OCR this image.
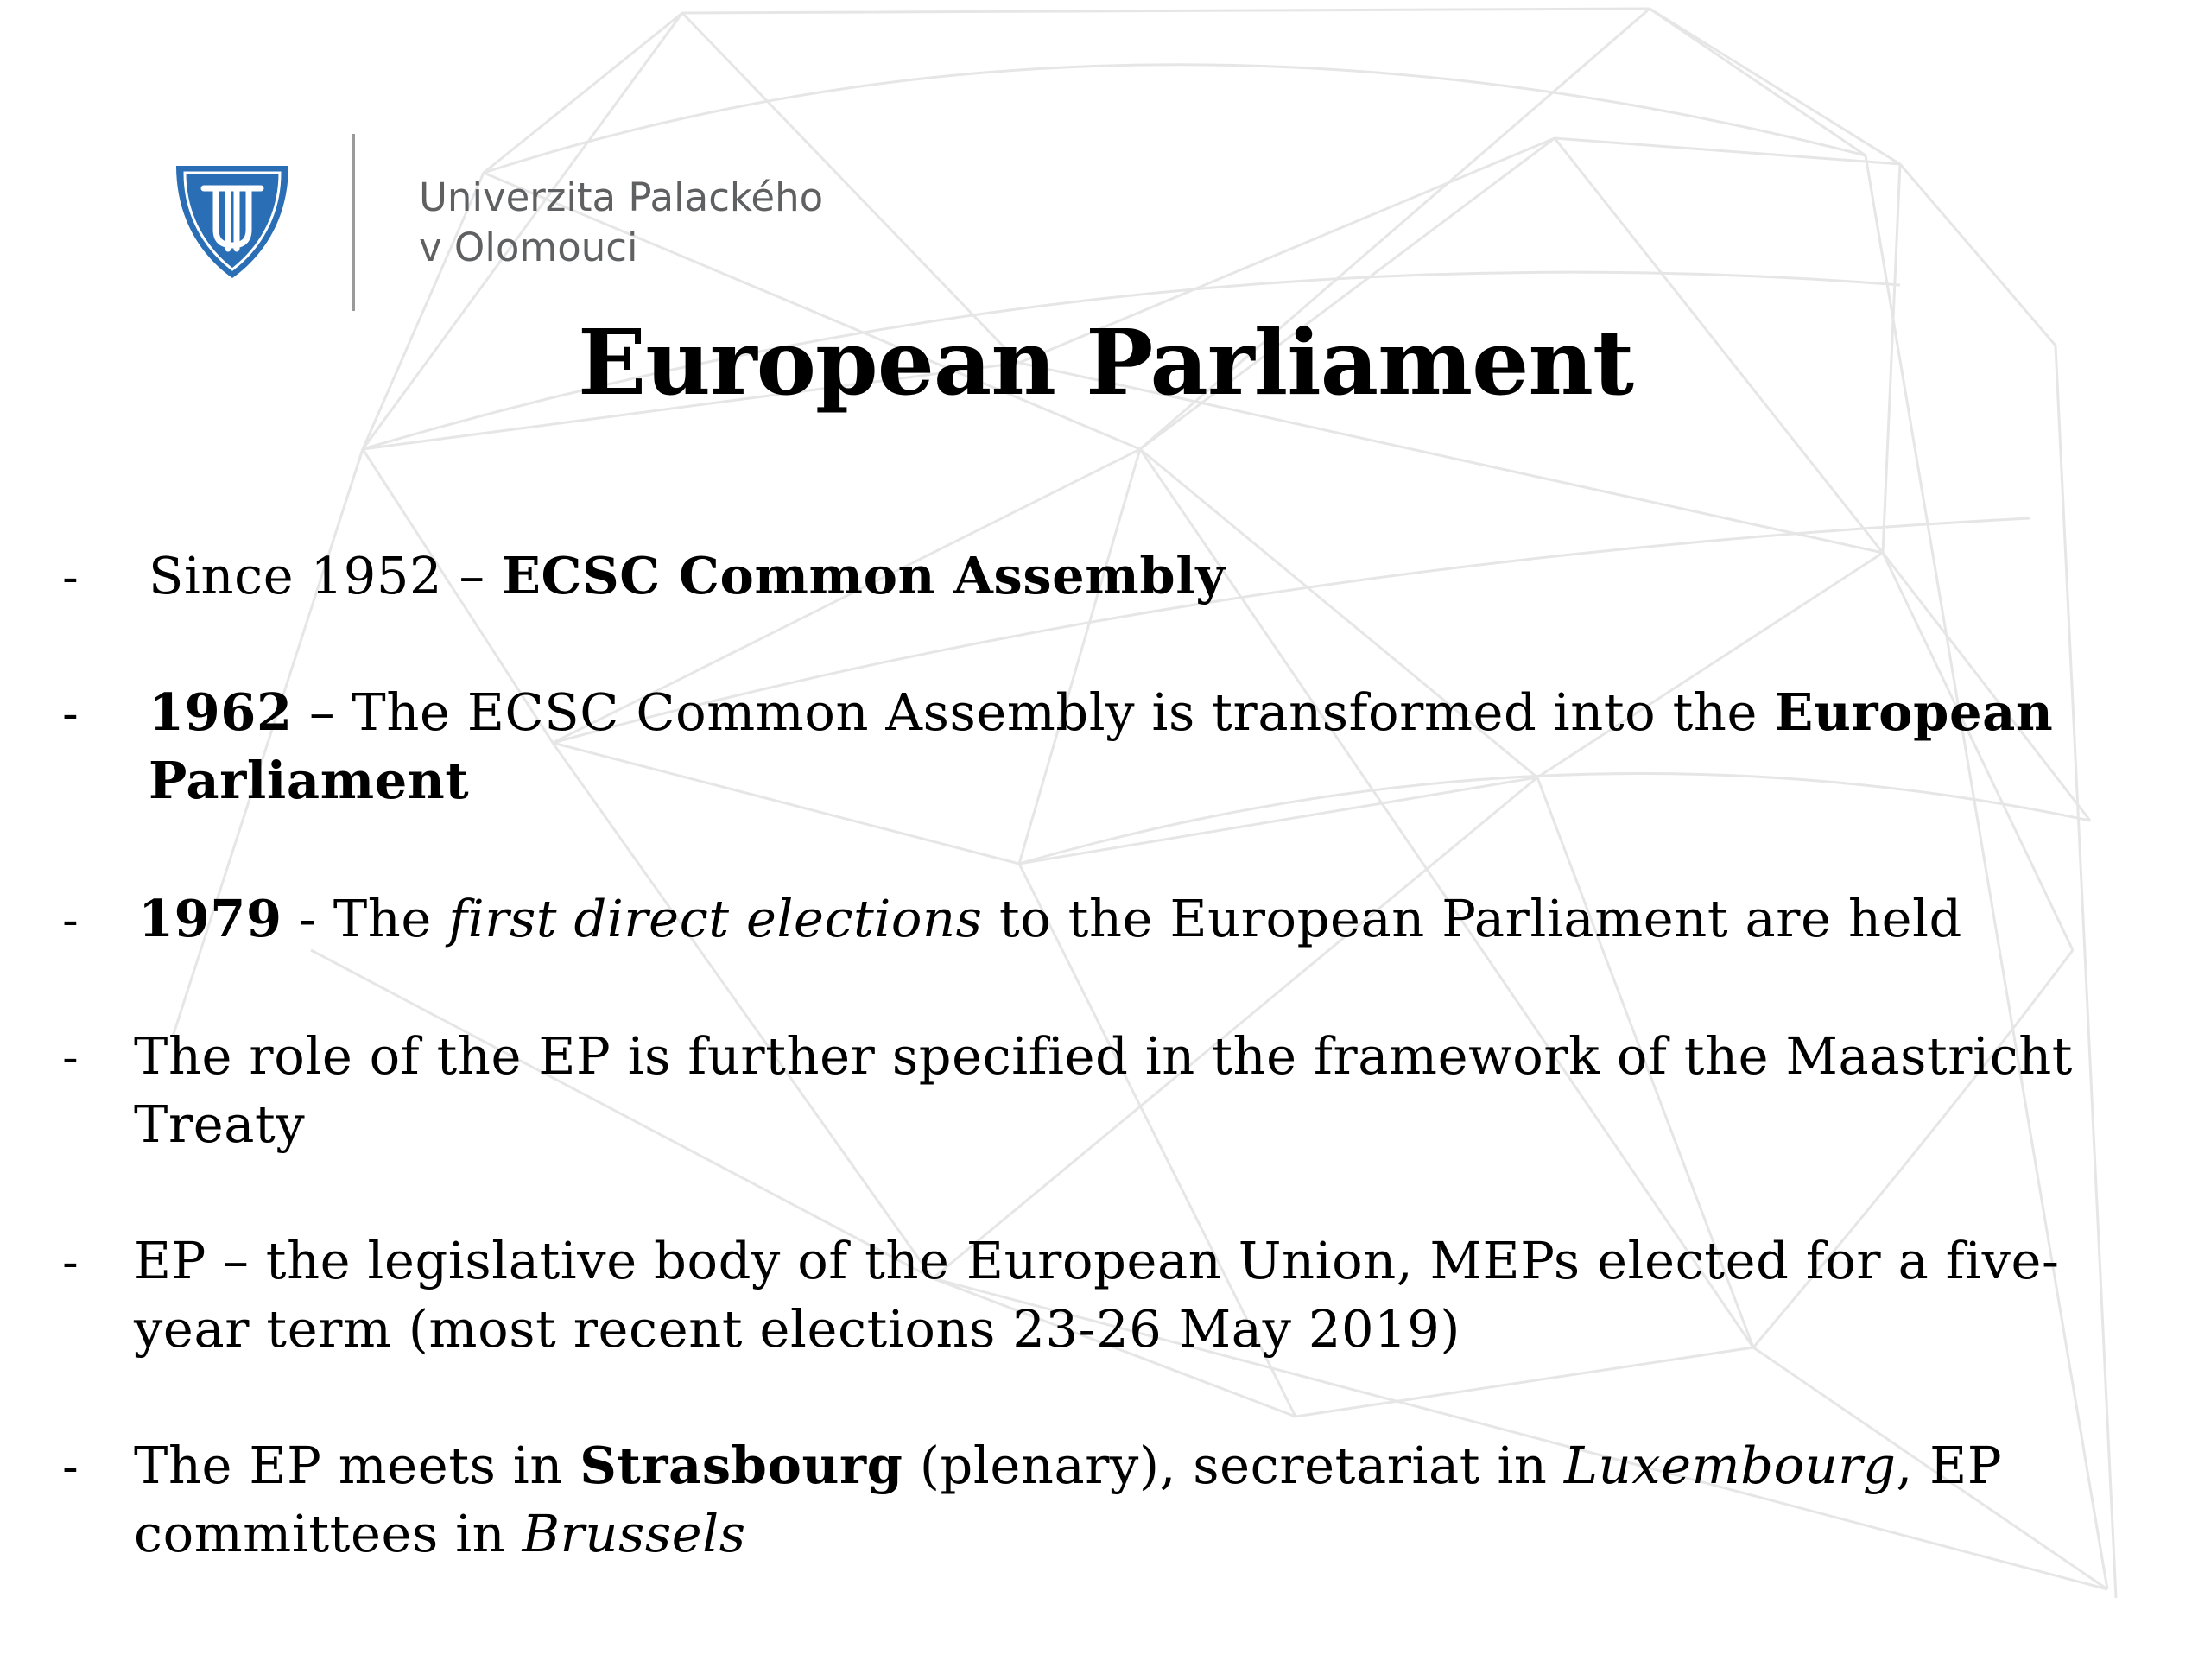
Univerzita Palackého
v Olomouci
European Parliament
- Since 1952 – ECSC Common Assembly
- 1962 – The ECSC Common Assembly is transformed into the European
Parliament
- 1979 - The first direct elections to the European Parliament are held
- The role of the EP is further specified in the framework of the Maastricht
Treaty
- EP – the legislative body of the European Union, MEPs elected for a five-
year term (most recent elections 23-26 May 2019)
- The EP meets in Strasbourg (plenary), secretariat in Luxembourg, EP
committees in Brussels
